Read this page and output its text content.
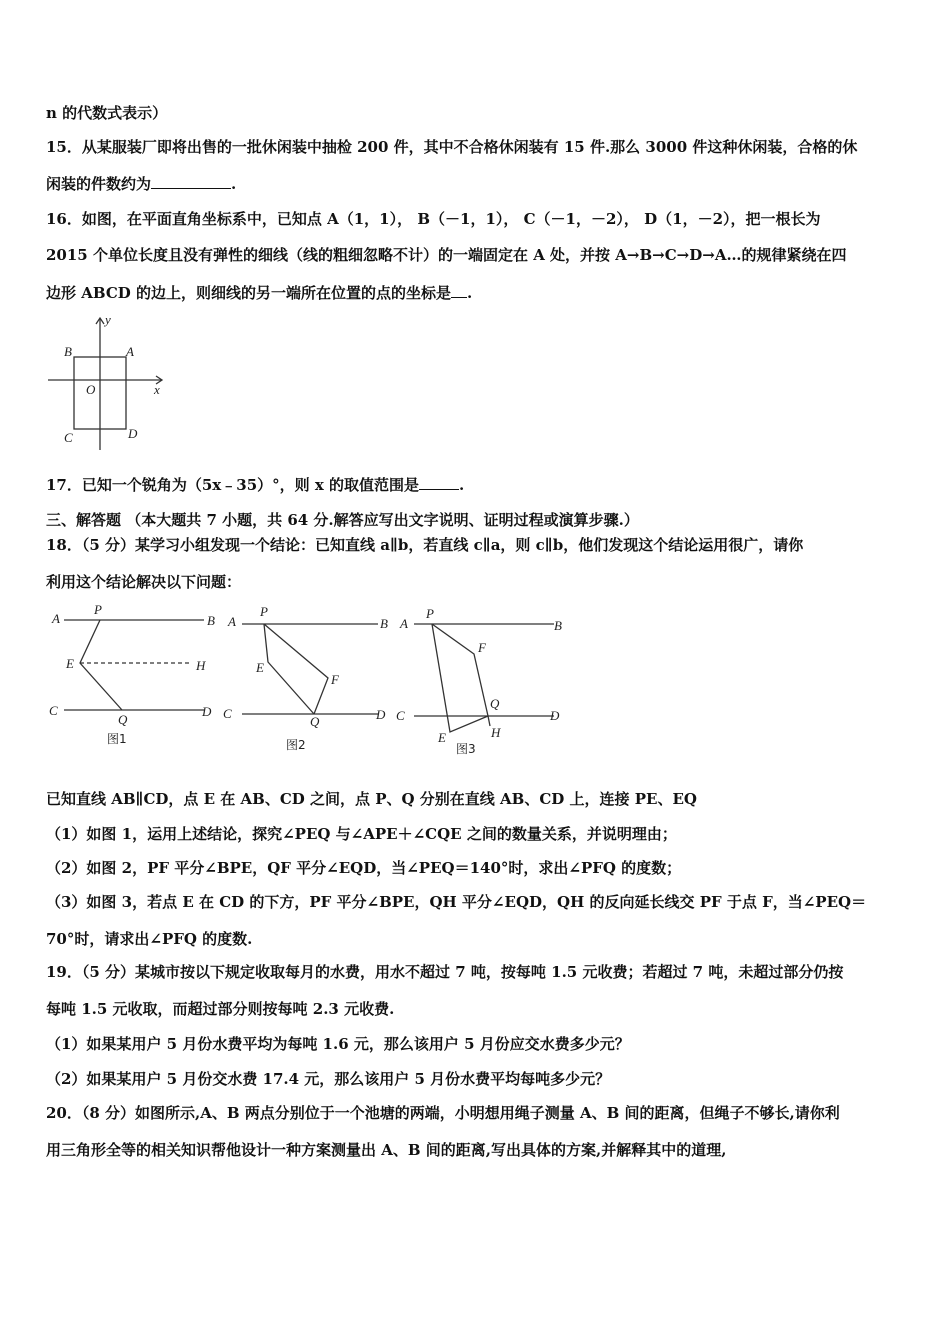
n 的代数式表示）
15．从某服装厂即将出售的一批休闲装中抽检 200 件，其中不合格休闲装有 15 件.那么 3000 件这种休闲装，合格的休
闲装的件数约为	.
16．如图，在平面直角坐标系中，已知点 A（1，1）， B（－1，1）， C（－1，－2）， D（1，－2），把一根长为
2015 个单位长度且没有弹性的细线（线的粗细忽略不计）的一端固定在 A 处，并按 A→B→C→D→A…的规律紧绕在四
边形 ABCD 的边上，则细线的另一端所在位置的点的坐标是 .
y
x
O
A
B
C	D
17．已知一个锐角为（5x﹣35）°，则 x 的取值范围是	.
三、解答题 （本大题共 7 小题，共 64 分.解答应写出文字说明、证明过程或演算步骤.）
18．（5 分）某学习小组发现一个结论：已知直线 a∥b，若直线 c∥a，则 c∥b，他们发现这个结论运用很广，请你
利用这个结论解决以下问题：
A
P
B
E	H
C
Q
D
图1
A
P
B
E
F
C
Q	D
图2
A
P
B
F
C
Q
D
E	H
图3
已知直线 AB∥CD，点 E 在 AB、CD 之间，点 P、Q 分别在直线 AB、CD 上，连接 PE、EQ
（1）如图 1，运用上述结论，探究∠PEQ 与∠APE＋∠CQE 之间的数量关系，并说明理由；
（2）如图 2，PF 平分∠BPE，QF 平分∠EQD，当∠PEQ＝140°时，求出∠PFQ 的度数；
（3）如图 3，若点 E 在 CD 的下方，PF 平分∠BPE，QH 平分∠EQD，QH 的反向延长线交 PF 于点 F，当∠PEQ＝
70°时，请求出∠PFQ 的度数.
19．（5 分）某城市按以下规定收取每月的水费，用水不超过 7 吨，按每吨 1.5 元收费；若超过 7 吨，未超过部分仍按
每吨 1.5 元收取，而超过部分则按每吨 2.3 元收费.
（1）如果某用户 5 月份水费平均为每吨 1.6 元，那么该用户 5 月份应交水费多少元？
（2）如果某用户 5 月份交水费 17.4 元，那么该用户 5 月份水费平均每吨多少元？
20．（8 分）如图所示,A、B 两点分别位于一个池塘的两端，小明想用绳子测量 A、B 间的距离，但绳子不够长,请你利
用三角形全等的相关知识帮他设计一种方案测量出 A、B 间的距离,写出具体的方案,并解释其中的道理,
